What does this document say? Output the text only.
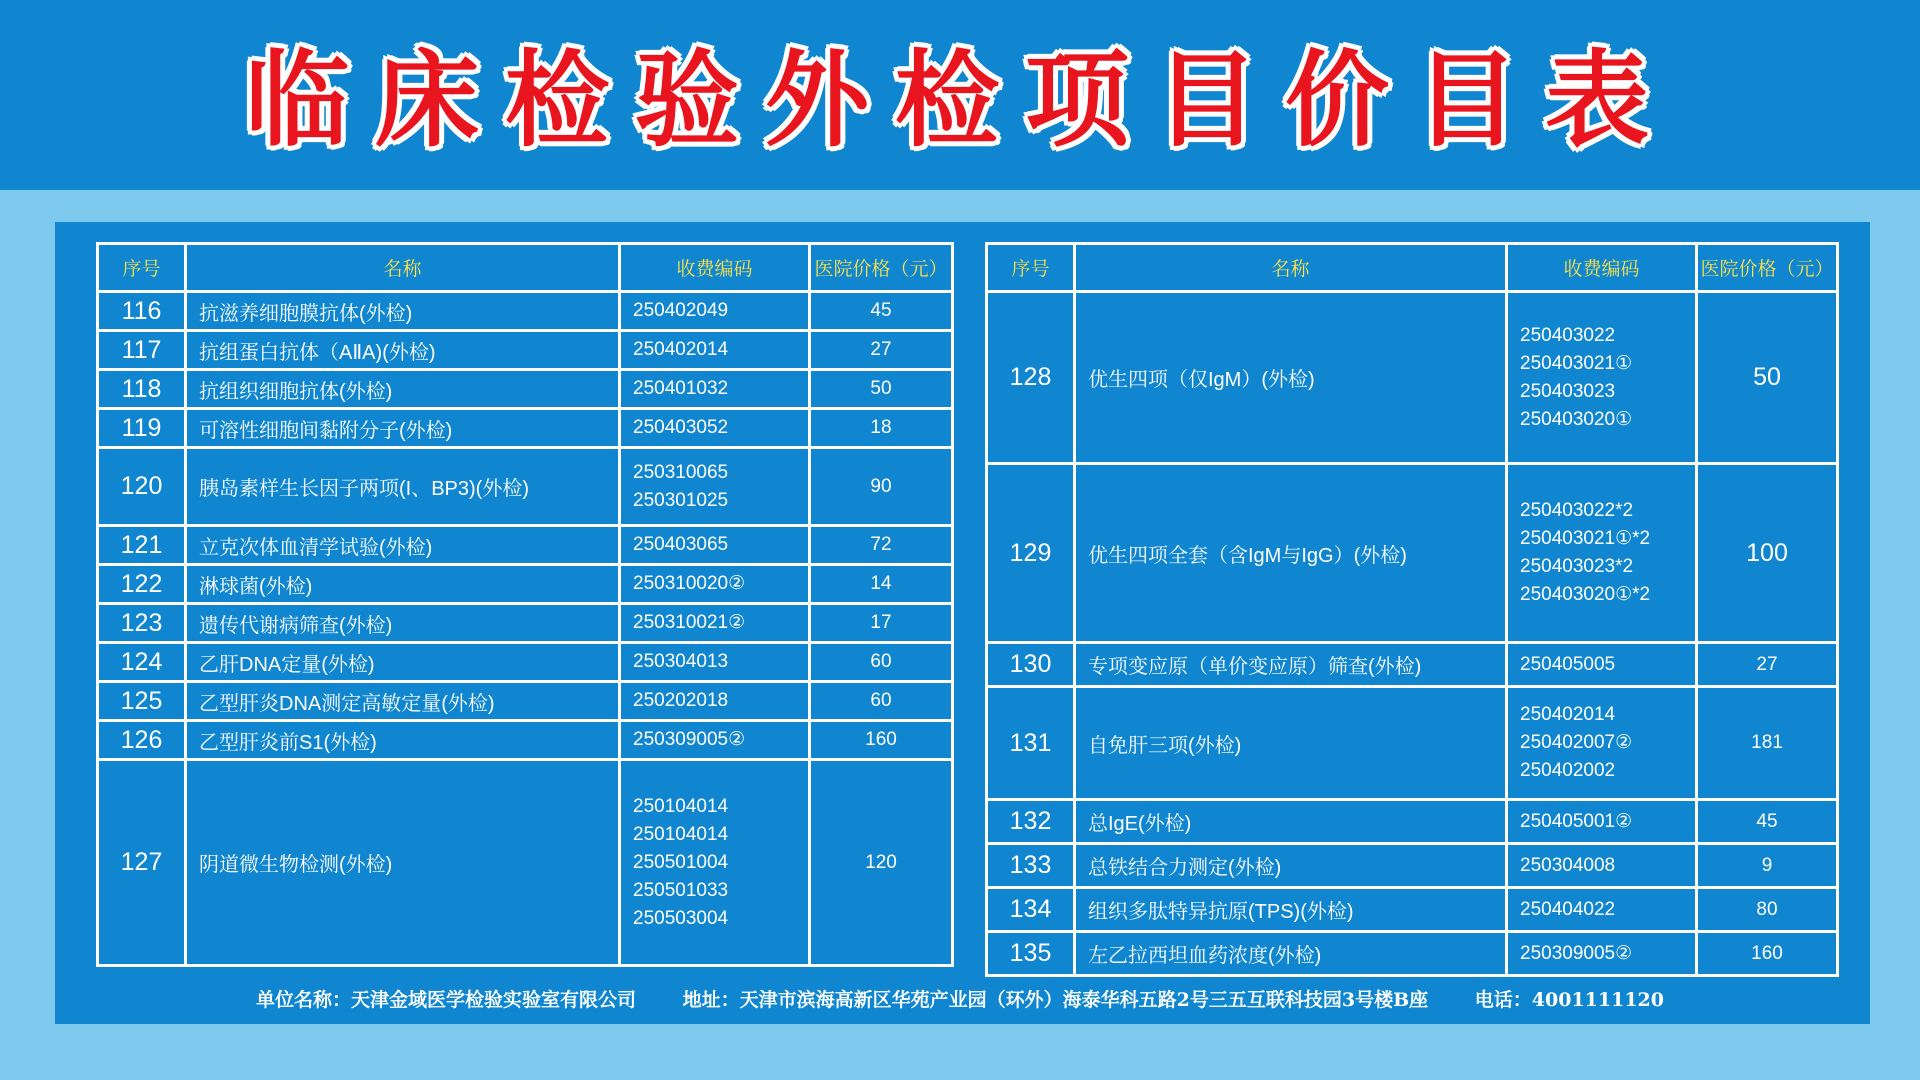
临床检验外检项目价目表
序号	名称	收费编码	医院价格（元）
116	抗滋养细胞膜抗体(外检)	250402049	45
117	抗组蛋白抗体（AⅡA)(外检)	250402014	27
118	抗组织细胞抗体(外检)	250401032	50
119	可溶性细胞间黏附分子(外检)	250403052	18
120	胰岛素样生长因子两项(I、BP3)(外检)	250310065
250301025	90
121	立克次体血清学试验(外检)	250403065	72
122	淋球菌(外检)	250310020②	14
123	遗传代谢病筛查(外检)	250310021②	17
124	乙肝DNA定量(外检)	250304013	60
125	乙型肝炎DNA测定高敏定量(外检)	250202018	60
126	乙型肝炎前S1(外检)	250309005②	160
127	阴道微生物检测(外检)	250104014
250104014
250501004
250501033
250503004	120
序号	名称	收费编码	医院价格（元）
128	优生四项（仅IgM）(外检)	250403022
250403021①
250403023
250403020①	50
129	优生四项全套（含IgM与IgG）(外检)	250403022*2
250403021①*2
250403023*2
250403020①*2	100
130	专项变应原（单价变应原）筛查(外检)	250405005	27
131	自免肝三项(外检)	250402014
250402007②
250402002	181
132	总IgE(外检)	250405001②	45
133	总铁结合力测定(外检)	250304008	9
134	组织多肽特异抗原(TPS)(外检)	250404022	80
135	左乙拉西坦血药浓度(外检)	250309005②	160
单位名称：天津金域医学检验实验室有限公司 地址：天津市滨海高新区华苑产业园（环外）海泰华科五路2号三五互联科技园3号楼B座 电话：4001111120
